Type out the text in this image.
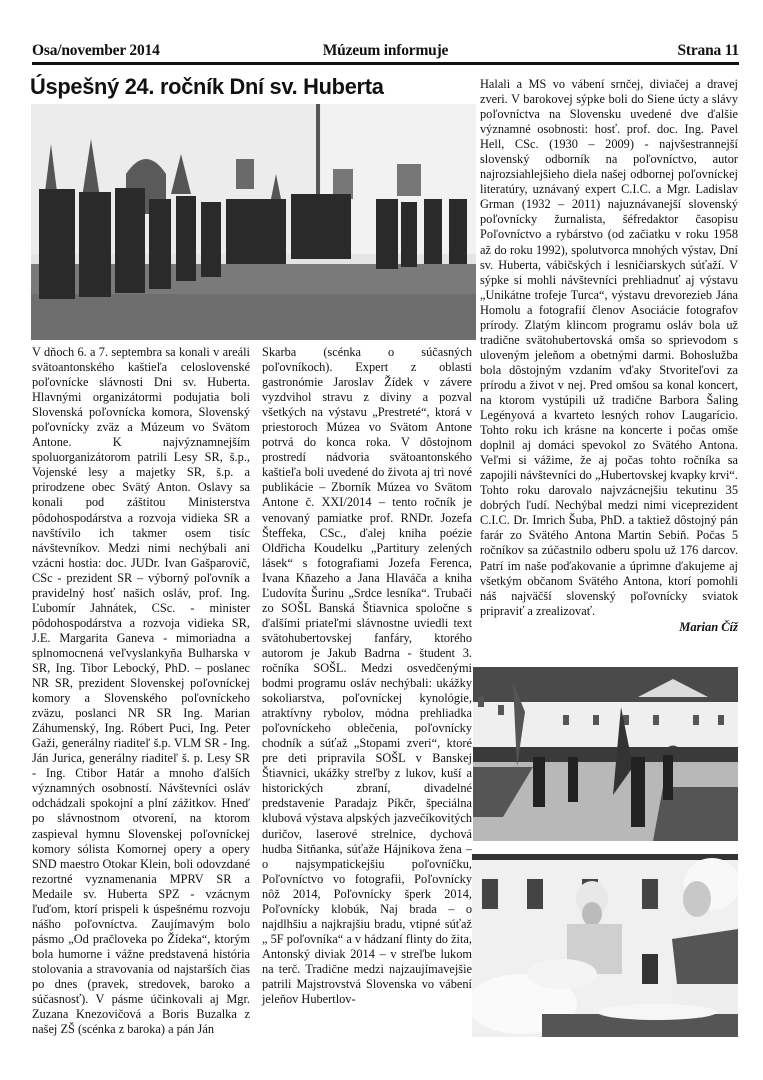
Osa/november 2014	Múzeum informuje	Strana 11
Úspešný 24. ročník Dní sv. Huberta

V dňoch 6. a 7. septembra sa konali v areáli svätoantonského kaštieľa celoslovenské poľovnícke slávnosti Dni sv. Huberta. Hlavnými organizátormi podujatia boli Slovenská poľovnícka komora, Slovenský poľovnícky zväz a Múzeum vo Svätom Antone. K najvýznamnejším spoluorganizátorom patrili Lesy SR, š.p., Vojenské lesy a majetky SR, š.p. a prirodzene obec Svätý Anton. Oslavy sa konali pod záštitou Ministerstva pôdohospodárstva a rozvoja vidieka SR a navštívilo ich takmer osem tisíc návštevníkov. Medzi nimi nechýbali ani vzácni hostia: doc. JUDr. Ivan Gašparovič, CSc - prezident SR – výborný poľovník a pravidelný hosť našich osláv, prof. Ing. Ľubomír Jahnátek, CSc. - minister pôdohospodárstva a rozvoja vidieka SR, J.E. Margarita Ganeva - mimoriadna a splnomocnená veľvyslankyňa Bulharska v SR, Ing. Tibor Lebocký, PhD. – poslanec NR SR, prezident Slovenskej poľovníckej komory a Slovenského poľovníckeho zväzu, poslanci NR SR Ing. Marian Záhumenský, Ing. Róbert Puci, Ing. Peter Gaži, generálny riaditeľ š.p. VLM SR - Ing. Ján Jurica, generálny riaditeľ š. p. Lesy SR - Ing. Ctibor Határ a mnoho ďalších významných osobností. Návštevníci osláv odchádzali spokojní a plní zážitkov. Hneď po slávnostnom otvorení, na ktorom zaspieval hymnu Slovenskej poľovníckej komory sólista Komornej opery a opery SND maestro Otokar Klein, boli odovzdané rezortné vyznamenania MPRV SR a Medaile sv. Huberta SPZ - vzácnym ľuďom, ktorí prispeli k úspešnému rozvoju nášho poľovníctva. Zaujímavým bolo pásmo „Od pračloveka po Žídeka“, ktorým bola humorne i vážne predstavená história stolovania a stravovania od najstarších čias po dnes (pravek, stredovek, baroko a súčasnosť). V pásme účinkovali aj Mgr. Zuzana Knezovičová a Boris Buzalka z našej ZŠ (scénka z baroka) a pán Ján

Skarba (scénka o súčasných poľovníkoch). Expert z oblasti gastronómie Jaroslav Žídek v závere vyzdvihol stravu z diviny a pozval všetkých na výstavu „Prestreté“, ktorá v priestoroch Múzea vo Svätom Antone potrvá do konca roka. V dôstojnom prostredí nádvoria svätoantonského kaštieľa boli uvedené do života aj tri nové publikácie – Zborník Múzea vo Svätom Antone č. XXI/2014 – tento ročník je venovaný pamiatke prof. RNDr. Jozefa Šteffeka, CSc., ďalej kniha poézie Oldřicha Koudelku „Partitury zelených lásek“ s fotografiami Jozefa Ferenca, Ivana Kňazeho a Jana Hlaváča a kniha Ľudovíta Šurinu „Srdce lesníka“. Trubači zo SOŠL Banská Štiavnica spoločne s ďalšími priateľmi slávnostne uviedli text svätohubertovskej fanfáry, ktorého autorom je Jakub Badrna - študent 3. ročníka SOŠL. Medzi osvedčenými bodmi programu osláv nechýbali: ukážky sokoliarstva, poľovníckej kynológie, atraktívny rybolov, módna prehliadka poľovníckeho oblečenia, poľovnícky chodník a súťaž „Stopami zveri“, ktoré pre deti pripravila SOŠL v Banskej Štiavnici, ukážky streľby z lukov, kuší a historických zbraní, divadelné predstavenie Paradajz Píkčr, špeciálna klubová výstava alpských jazvečíkovitých duričov, laserové strelnice, dychová hudba Sitňanka, súťaže Hájnikova žena – o najsympatickejšiu poľovníčku, Poľovníctvo vo fotografii, Poľovnícky nôž 2014, Poľovnícky šperk 2014, Poľovnícky klobúk, Naj brada – o najdlhšiu a najkrajšiu bradu, vtipné súťaž „ 5F poľovníka“ a v hádzaní flinty do žita, Antonský diviak 2014 – v streľbe lukom na terč. Tradične medzi najzaujímavejšie patrili Majstrovstvá Slovenska vo vábení jeleňov Hubertlov-

Halali a MS vo vábení srnčej, diviačej a dravej zveri. V barokovej sýpke boli do Siene úcty a slávy poľovníctva na Slovensku uvedené dve ďalšie významné osobnosti: hosť. prof. doc. Ing. Pavel Hell, CSc. (1930 – 2009) - najvšestrannejší slovenský odborník na poľovníctvo, autor najrozsiahlejšieho diela našej odbornej poľovníckej literatúry, uznávaný expert C.I.C. a Mgr. Ladislav Grman (1932 – 2011) najuznávanejší slovenský poľovnícky žurnalista, šéfredaktor časopisu Poľovníctvo a rybárstvo (od začiatku v roku 1958 až do roku 1992), spolutvorca mnohých výstav, Dní sv. Huberta, vábičských i lesničiarskych súťaží. V sýpke si mohli návštevníci prehliadnuť aj výstavu „Unikátne trofeje Turca“, výstavu drevorezieb Jána Homolu a fotografií členov Asociácie fotografov prírody. Zlatým klincom programu osláv bola už tradične svätohubertovská omša so sprievodom s uloveným jeleňom a obetnými darmi. Bohoslužba bola dôstojným vzdaním vďaky Stvoriteľovi za prírodu a život v nej. Pred omšou sa konal koncert, na ktorom vystúpili už tradične Barbora Šaling Legényová a kvarteto lesných rohov Laugarício. Tohto roku ich krásne na koncerte i počas omše doplnil aj domáci spevokol zo Svätého Antona. Veľmi si vážime, že aj počas tohto ročníka sa zapojili návštevníci do „Hubertovskej kvapky krvi“. Tohto roku darovalo najvzácnejšiu tekutinu 35 dobrých ľudí. Nechýbal medzi nimi viceprezident C.I.C. Dr. Imrich Šuba, PhD. a taktiež dôstojný pán farár zo Svätého Antona Martin Sebiň. Počas 5 ročníkov sa zúčastnilo odberu spolu už 176 darcov. Patrí im naše poďakovanie a úprimne ďakujeme aj všetkým občanom Svätého Antona, ktorí pomohli náš najväčší slovenský poľovnícky sviatok pripraviť a zrealizovať.

Marian Číž
